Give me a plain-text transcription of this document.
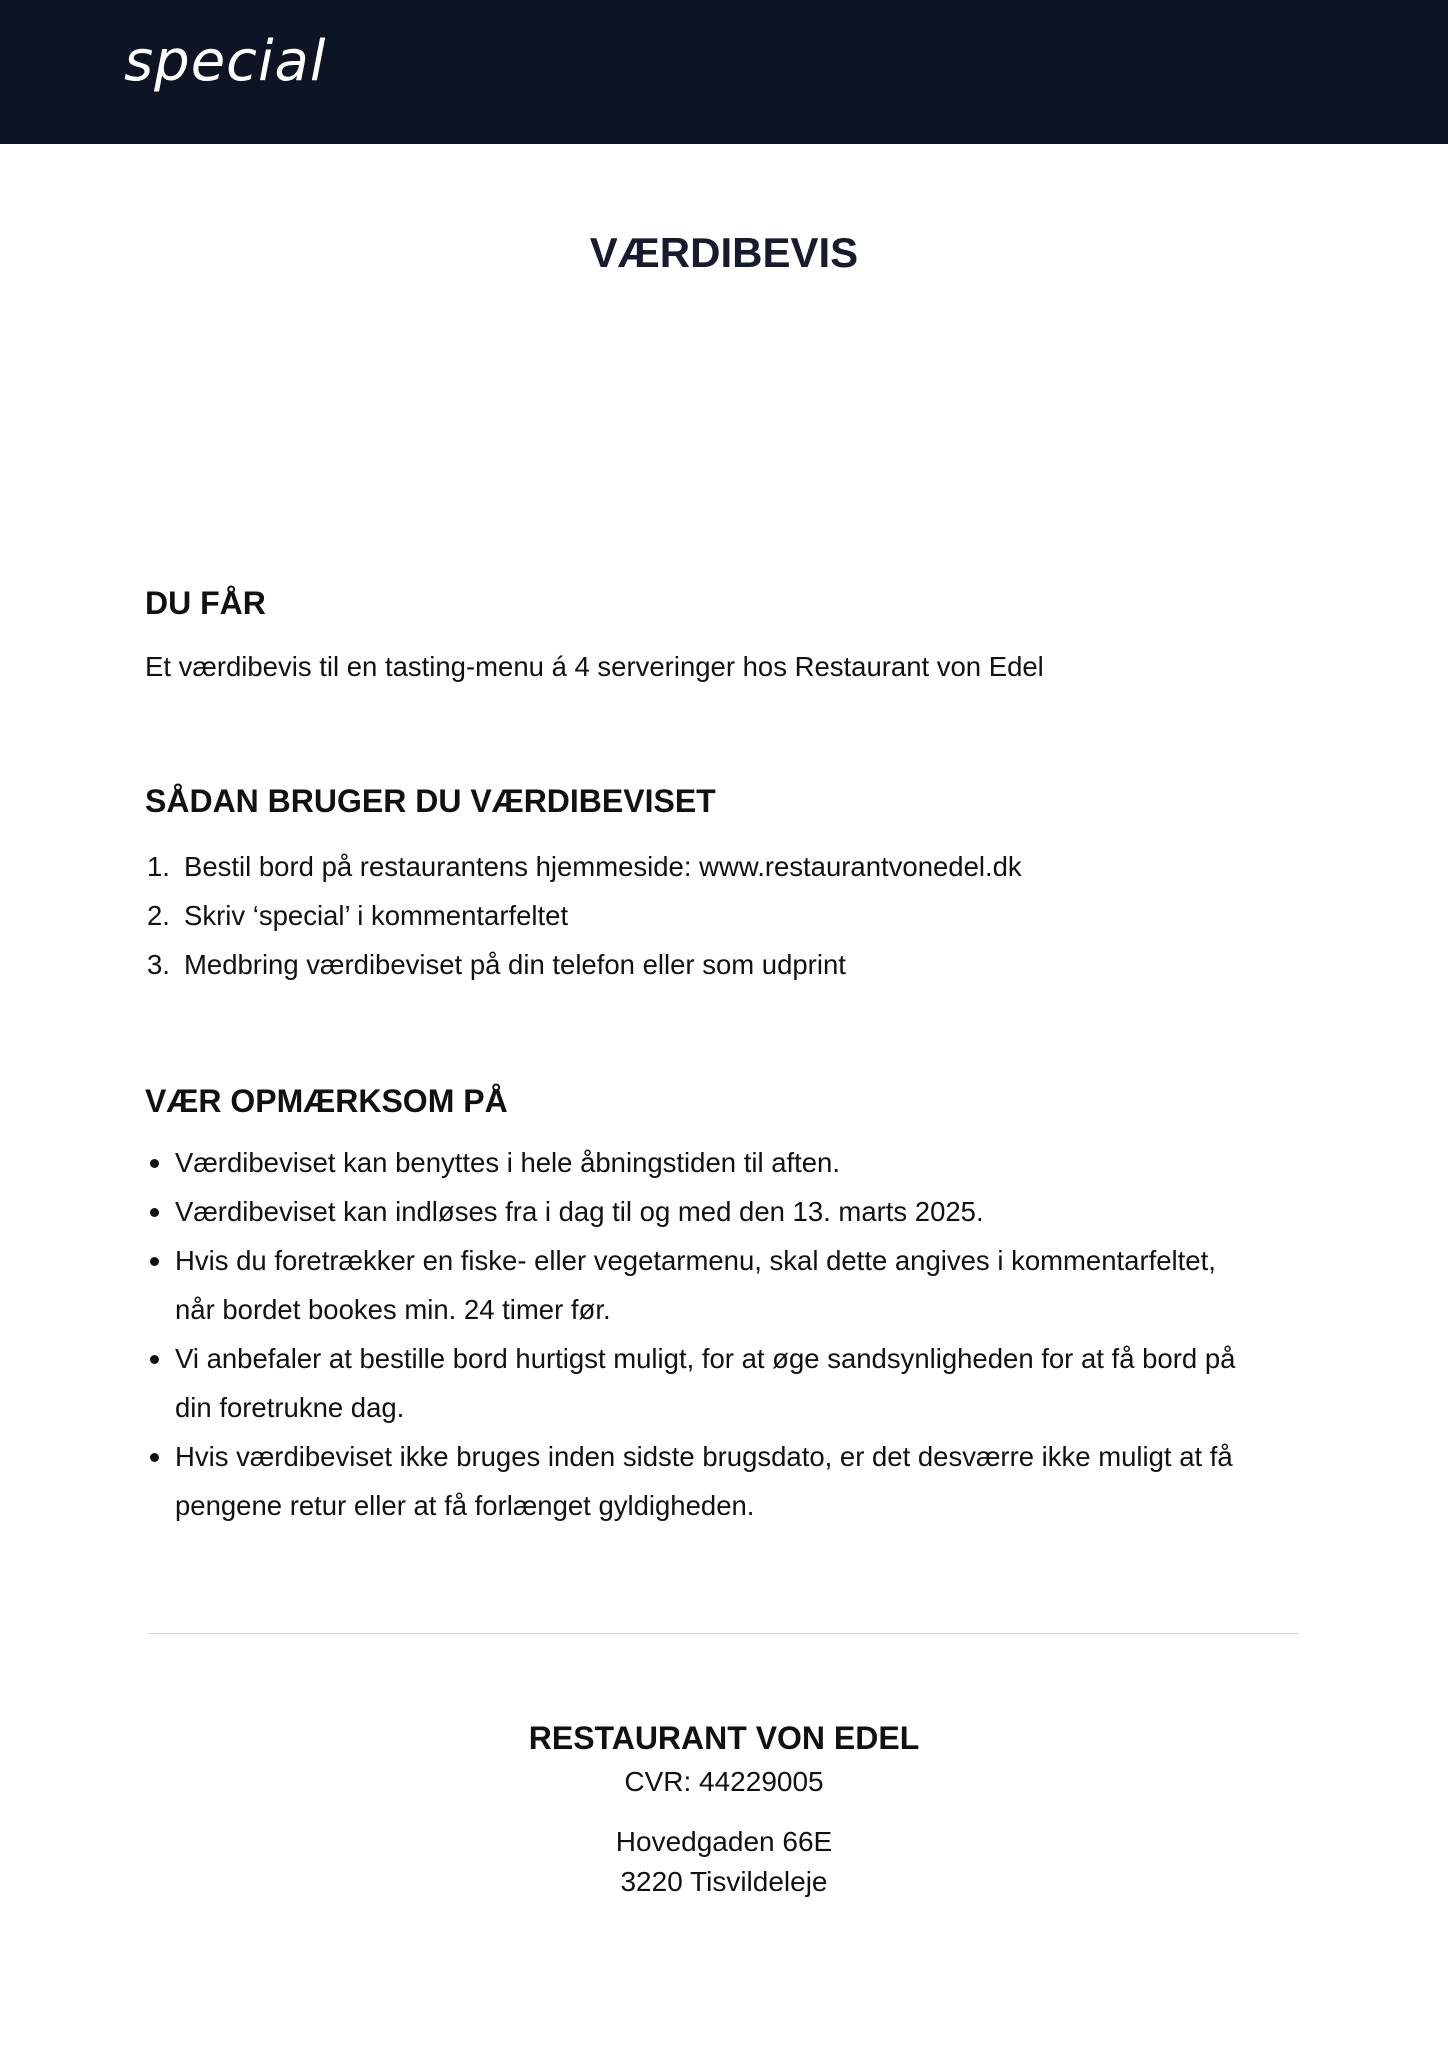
special
VÆRDIBEVIS
DU FÅR

Et værdibevis til en tasting-menu á 4 serveringer hos Restaurant von Edel

SÅDAN BRUGER DU VÆRDIBEVISET
1. Bestil bord på restaurantens hjemmeside: www.restaurantvonedel.dk
2. Skriv ‘special’ i kommentarfeltet
3. Medbring værdibeviset på din telefon eller som udprint
VÆR OPMÆRKSOM PÅ
Værdibeviset kan benyttes i hele åbningstiden til aften.
Værdibeviset kan indløses fra i dag til og med den 13. marts 2025.
Hvis du foretrækker en fiske- eller vegetarmenu, skal dette angives i kommentarfeltet, når bordet bookes min. 24 timer før.
Vi anbefaler at bestille bord hurtigst muligt, for at øge sandsynligheden for at få bord på din foretrukne dag.
Hvis værdibeviset ikke bruges inden sidste brugsdato, er det desværre ikke muligt at få pengene retur eller at få forlænget gyldigheden.

RESTAURANT VON EDEL

CVR: 44229005

Hovedgaden 66E
3220 Tisvildeleje
